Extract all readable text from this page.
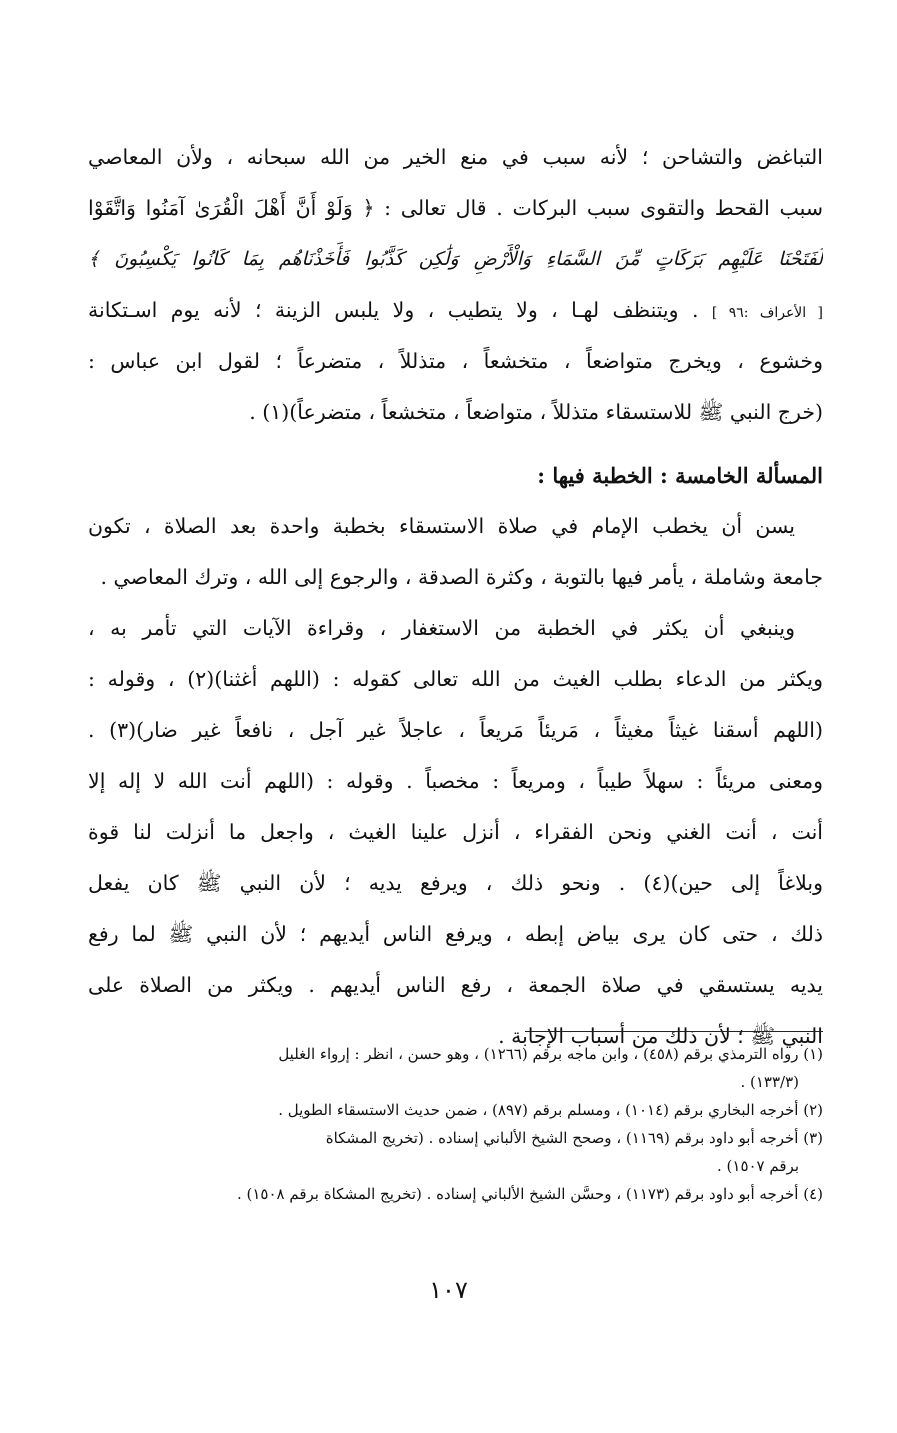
التباغض والتشاحن ؛ لأنه سبب في منع الخير من الله سبحانه ، ولأن المعاصي
سبب القحط والتقوى سبب البركات . قال تعالى : ﴿ وَلَوْ أَنَّ أَهْلَ الْقُرَىٰ آمَنُوا وَاتَّقَوْا
لَفَتَحْنَا عَلَيْهِم بَرَكَاتٍ مِّنَ السَّمَاءِ وَالْأَرْضِ وَلَٰكِن كَذَّبُوا فَأَخَذْنَاهُم بِمَا كَانُوا يَكْسِبُونَ ﴾
[ الأعراف :٩٦ ] . ويتنظف لهـا ، ولا يتطيب ، ولا يلبس الزينة ؛ لأنه يوم اسـتكانة
وخشوع ، ويخرج متواضعاً ، متخشعاً ، متذللاً ، متضرعاً ؛ لقول ابن عباس :
(خرج النبي ﷺ للاستسقاء متذللاً ، متواضعاً ، متخشعاً ، متضرعاً)(١) .
المسألة الخامسة : الخطبة فيها :
يسن أن يخطب الإمام في صلاة الاستسقاء بخطبة واحدة بعد الصلاة ، تكون
جامعة وشاملة ، يأمر فيها بالتوبة ، وكثرة الصدقة ، والرجوع إلى الله ، وترك المعاصي .
وينبغي أن يكثر في الخطبة من الاستغفار ، وقراءة الآيات التي تأمر به ،
ويكثر من الدعاء بطلب الغيث من الله تعالى كقوله : (اللهم أغثنا)(٢) ، وقوله :
(اللهم أسقنا غيثاً مغيثاً ، مَريئاً مَريعاً ، عاجلاً غير آجل ، نافعاً غير ضار)(٣) .
ومعنى مريئاً : سهلاً طيباً ، ومريعاً : مخصباً . وقوله : (اللهم أنت الله لا إله إلا
أنت ، أنت الغني ونحن الفقراء ، أنزل علينا الغيث ، واجعل ما أنزلت لنا قوة
وبلاغاً إلى حين)(٤) . ونحو ذلك ، ويرفع يديه ؛ لأن النبي ﷺ كان يفعل
ذلك ، حتى كان يرى بياض إبطه ، ويرفع الناس أيديهم ؛ لأن النبي ﷺ لما رفع
يديه يستسقي في صلاة الجمعة ، رفع الناس أيديهم . ويكثر من الصلاة على
النبي ﷺ ؛ لأن ذلك من أسباب الإجابة .
(١) رواه الترمذي برقم (٤٥٨) ، وابن ماجه برقم (١٢٦٦) ، وهو حسن ، انظر : إرواء الغليل
(١٣٣/٣) .
(٢) أخرجه البخاري برقم (١٠١٤) ، ومسلم برقم (٨٩٧) ، ضمن حديث الاستسقاء الطويل .
(٣) أخرجه أبو داود برقم (١١٦٩) ، وصحح الشيخ الألباني إسناده . (تخريج المشكاة
برقم ١٥٠٧) .
(٤) أخرجه أبو داود برقم (١١٧٣) ، وحسَّن الشيخ الألباني إسناده . (تخريج المشكاة برقم ١٥٠٨) .
١٠٧
